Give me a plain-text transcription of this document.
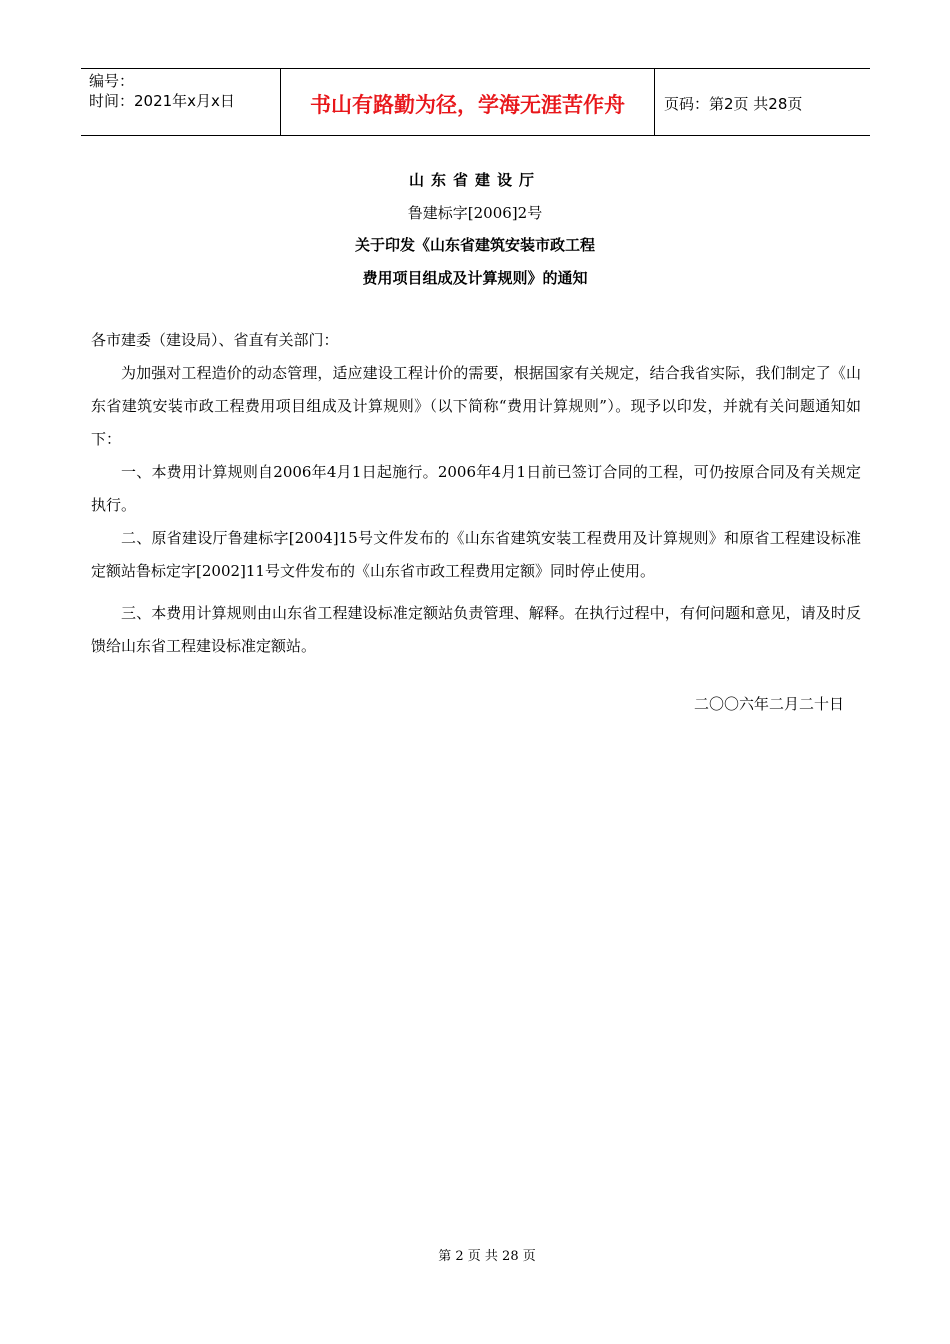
编号：
时间：2021年x月x日	书山有路勤为径，学海无涯苦作舟	页码：第2页 共28页
山东省建设厅
鲁建标字[2006]2号
关于印发《山东省建筑安装市政工程
费用项目组成及计算规则》的通知
各市建委（建设局）、省直有关部门：
为加强对工程造价的动态管理，适应建设工程计价的需要，根据国家有关规定，结合我省实际，我们制定了《山东省建筑安装市政工程费用项目组成及计算规则》（以下简称“费用计算规则”）。现予以印发，并就有关问题通知如下：
一、本费用计算规则自2006年4月1日起施行。2006年4月1日前已签订合同的工程，可仍按原合同及有关规定执行。
二、原省建设厅鲁建标字[2004]15号文件发布的《山东省建筑安装工程费用及计算规则》和原省工程建设标准定额站鲁标定字[2002]11号文件发布的《山东省市政工程费用定额》同时停止使用。
三、本费用计算规则由山东省工程建设标准定额站负责管理、解释。在执行过程中，有何问题和意见，请及时反馈给山东省工程建设标准定额站。
二〇〇六年二月二十日
第 2 页 共 28 页
